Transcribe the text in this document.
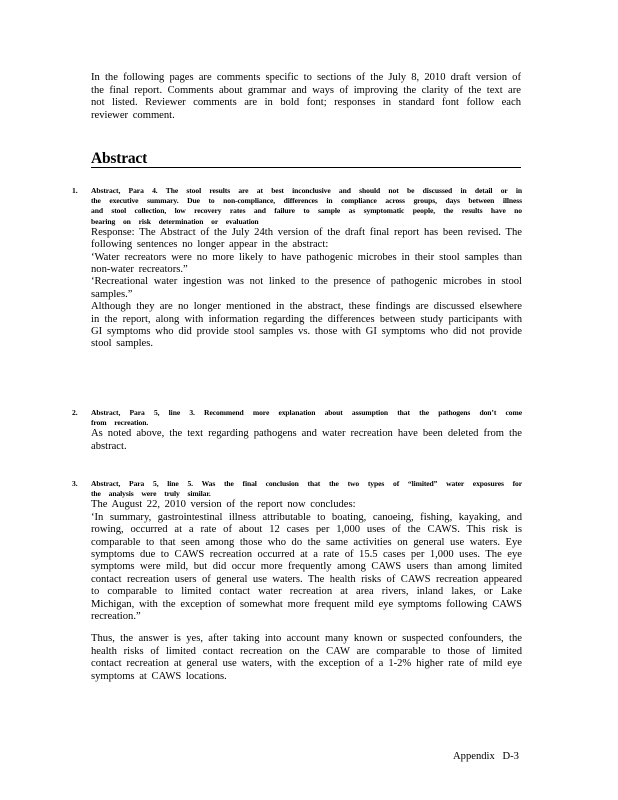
In the following pages are comments specific to sections of the July 8, 2010 draft version of the final report. Comments about grammar and ways of improving the clarity of the text are not listed. Reviewer comments are in bold font; responses in standard font follow each reviewer comment.

Abstract
1. Abstract, Para 4. The stool results are at best inconclusive and should not be discussed in detail or in the executive summary. Due to non-compliance, differences in compliance across groups, days between illness and stool collection, low recovery rates and failure to sample as symptomatic people, the results have no bearing on risk determination or evaluation

Response: The Abstract of the July 24th version of the draft final report has been revised. The following sentences no longer appear in the abstract:

‘Water recreators were no more likely to have pathogenic microbes in their stool samples than non-water recreators.”

‘Recreational water ingestion was not linked to the presence of pathogenic microbes in stool samples.”

Although they are no longer mentioned in the abstract, these findings are discussed elsewhere in the report, along with information regarding the differences between study participants with GI symptoms who did provide stool samples vs. those with GI symptoms who did not provide stool samples.

2. Abstract, Para 5, line 3. Recommend more explanation about assumption that the pathogens don’t come from recreation.

As noted above, the text regarding pathogens and water recreation have been deleted from the abstract.

3. Abstract, Para 5, line 5. Was the final conclusion that the two types of “limited” water exposures for the analysis were truly similar.

The August 22, 2010 version of the report now concludes:

‘In summary, gastrointestinal illness attributable to boating, canoeing, fishing, kayaking, and rowing, occurred at a rate of about 12 cases per 1,000 uses of the CAWS. This risk is comparable to that seen among those who do the same activities on general use waters. Eye symptoms due to CAWS recreation occurred at a rate of 15.5 cases per 1,000 uses. The eye symptoms were mild, but did occur more frequently among CAWS users than among limited contact recreation users of general use waters. The health risks of CAWS recreation appeared to comparable to limited contact water recreation at area rivers, inland lakes, or Lake Michigan, with the exception of somewhat more frequent mild eye symptoms following CAWS recreation.”

Thus, the answer is yes, after taking into account many known or suspected confounders, the health risks of limited contact recreation on the CAW are comparable to those of limited contact recreation at general use waters, with the exception of a 1-2% higher rate of mild eye symptoms at CAWS locations.

Appendix D-3
